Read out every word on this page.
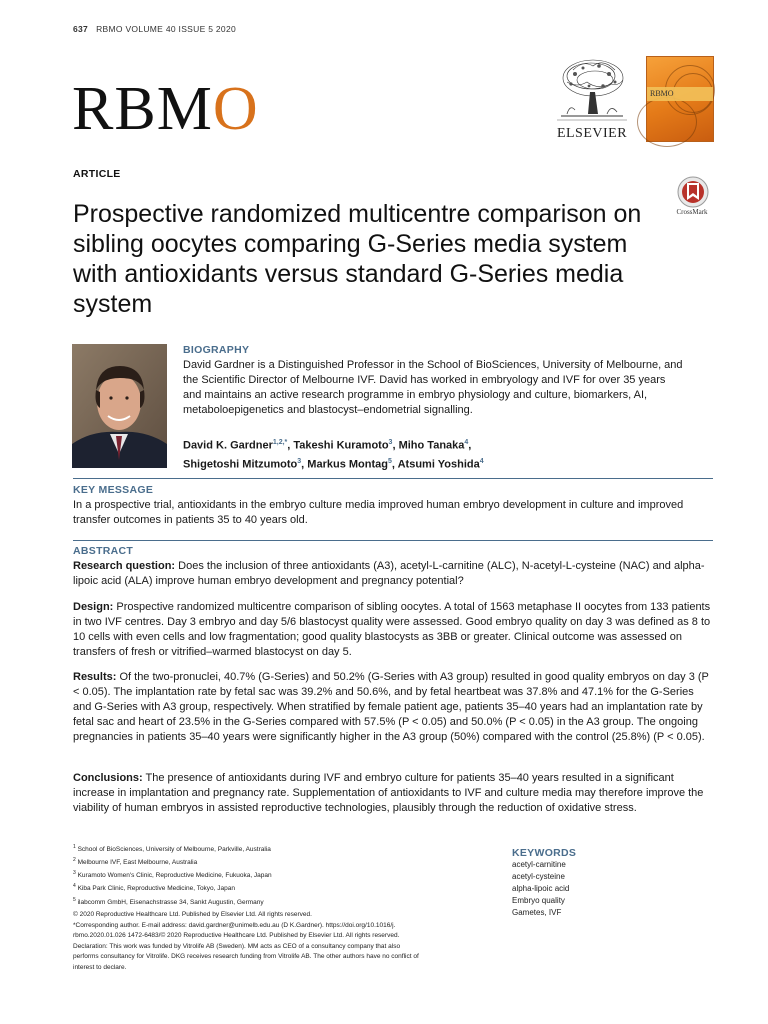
637 RBMO VOLUME 40 ISSUE 5 2020
RBMO	ELSEVIER
RBMO
CrossMark
ARTICLE
Prospective randomized multicentre comparison on sibling oocytes comparing G-Series media system with antioxidants versus standard G-Series media system
BIOGRAPHY

David Gardner is a Distinguished Professor in the School of BioSciences, University of Melbourne, and the Scientific Director of Melbourne IVF. David has worked in embryology and IVF for over 35 years and maintains an active research programme in embryo physiology and culture, biomarkers, AI, metaboloepigenetics and blastocyst–endometrial signalling.

David K. Gardner$^{1,2,*}$, Takeshi Kuramoto$^3$, Miho Tanaka$^4$,
Shigetoshi Mitzumoto$^3$, Markus Montag$^5$, Atsumi Yoshida$^4$
KEY MESSAGE

In a prospective trial, antioxidants in the embryo culture media improved human embryo development in culture and improved transfer outcomes in patients 35 to 40 years old.

ABSTRACT

Research question: Does the inclusion of three antioxidants (A3), acetyl-L-carnitine (ALC), N-acetyl-L-cysteine (NAC) and alpha-lipoic acid (ALA) improve human embryo development and pregnancy potential?

Design: Prospective randomized multicentre comparison of sibling oocytes. A total of 1563 metaphase II oocytes from 133 patients in two IVF centres. Day 3 embryo and day 5/6 blastocyst quality were assessed. Good embryo quality on day 3 was defined as 8 to 10 cells with even cells and low fragmentation; good quality blastocysts as 3BB or greater. Clinical outcome was assessed on transfers of fresh or vitrified–warmed blastocyst on day 5.

Results: Of the two-pronuclei, 40.7% (G-Series) and 50.2% (G-Series with A3 group) resulted in good quality embryos on day 3 (P < 0.05). The implantation rate by fetal sac was 39.2% and 50.6%, and by fetal heartbeat was 37.8% and 47.1% for the G-Series and G-Series with A3 group, respectively. When stratified by female patient age, patients 35–40 years had an implantation rate by fetal sac and heart of 23.5% in the G-Series compared with 57.5% (P < 0.05) and 50.0% (P < 0.05) in the A3 group. The ongoing pregnancies in patients 35–40 years were significantly higher in the A3 group (50%) compared with the control (25.8%) (P < 0.05).

Conclusions: The presence of antioxidants during IVF and embryo culture for patients 35–40 years resulted in a significant increase in implantation and pregnancy rate. Supplementation of antioxidants to IVF and culture media may therefore improve the viability of human embryos in assisted reproductive technologies, plausibly through the reduction of oxidative stress.

$^1$ School of BioSciences, University of Melbourne, Parkville, Australia
$^2$ Melbourne IVF, East Melbourne, Australia
$^3$ Kuramoto Women's Clinic, Reproductive Medicine, Fukuoka, Japan
$^4$ Kiba Park Clinic, Reproductive Medicine, Tokyo, Japan
$^5$ ilabcomm GmbH, Eisenachstrasse 34, Sankt Augustin, Germany
KEYWORDS
acetyl-carnitine
acetyl-cysteine
alpha-lipoic acid
Embryo quality
Gametes, IVF
© 2020 Reproductive Healthcare Ltd. Published by Elsevier Ltd. All rights reserved.
*Corresponding author. E-mail address: david.gardner@unimelb.edu.au (D K.Gardner). https://doi.org/10.1016/j.
rbmo.2020.01.026 1472-6483/© 2020 Reproductive Healthcare Ltd. Published by Elsevier Ltd. All rights reserved.
Declaration: This work was funded by Vitrolife AB (Sweden). MM acts as CEO of a consultancy company that also
performs consultancy for Vitrolife. DKG receives research funding from Vitrolife AB. The other authors have no conflict of
interest to declare.
